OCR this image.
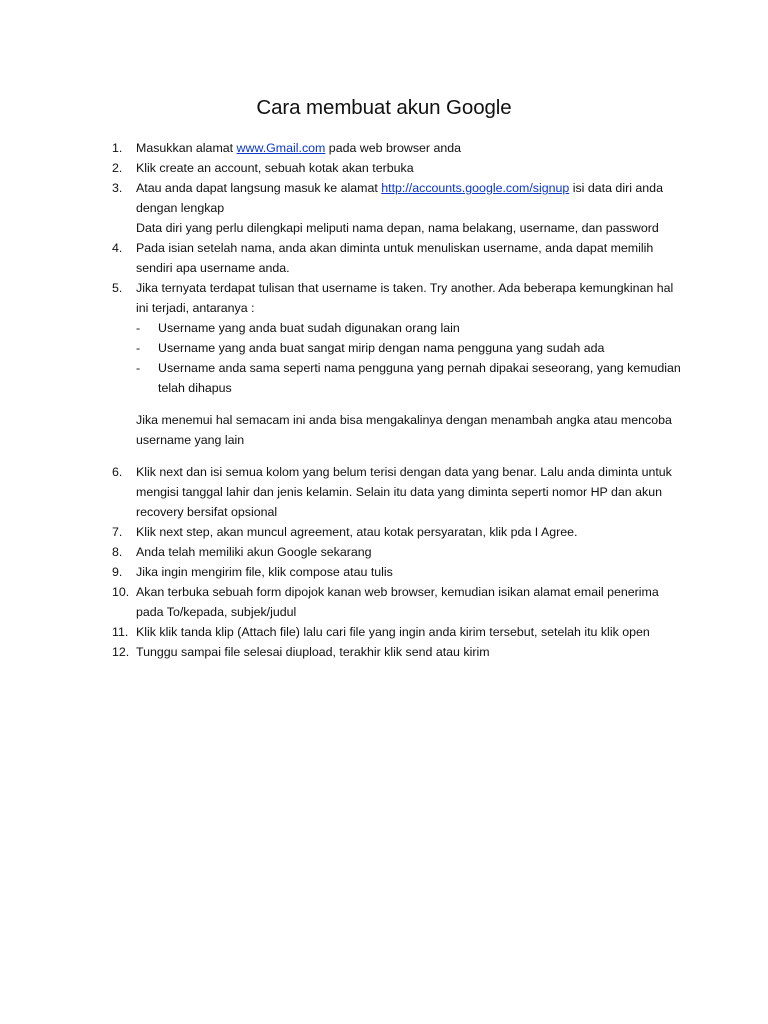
Cara membuat akun Google
1. Masukkan alamat www.Gmail.com pada web browser anda
2. Klik create an account, sebuah kotak akan terbuka
3. Atau anda dapat langsung masuk ke alamat http://accounts.google.com/signup isi data diri anda dengan lengkap
Data diri yang perlu dilengkapi meliputi nama depan, nama belakang, username, dan password
4. Pada isian setelah nama, anda akan diminta untuk menuliskan username, anda dapat memilih sendiri apa username anda.
5. Jika ternyata terdapat tulisan that username is taken. Try another. Ada beberapa kemungkinan hal ini terjadi, antaranya :
- Username yang anda buat sudah digunakan orang lain
- Username yang anda buat sangat mirip dengan nama pengguna yang sudah ada
- Username anda sama seperti nama pengguna yang pernah dipakai seseorang, yang kemudian telah dihapus
Jika menemui hal semacam ini anda bisa mengakalinya dengan menambah angka atau mencoba username yang lain
6. Klik next dan isi semua kolom yang belum terisi dengan data yang benar. Lalu anda diminta untuk mengisi tanggal lahir dan jenis kelamin. Selain itu data yang diminta seperti nomor HP dan akun recovery bersifat opsional
7. Klik next step, akan muncul agreement, atau kotak persyaratan, klik pda I Agree.
8. Anda telah memiliki akun Google sekarang
9. Jika ingin mengirim file, klik compose atau tulis
10. Akan terbuka sebuah form dipojok kanan web browser, kemudian isikan alamat email penerima pada To/kepada, subjek/judul
11. Klik klik tanda klip (Attach file) lalu cari file yang ingin anda kirim tersebut, setelah itu klik open
12. Tunggu sampai file selesai diupload, terakhir klik send atau kirim
